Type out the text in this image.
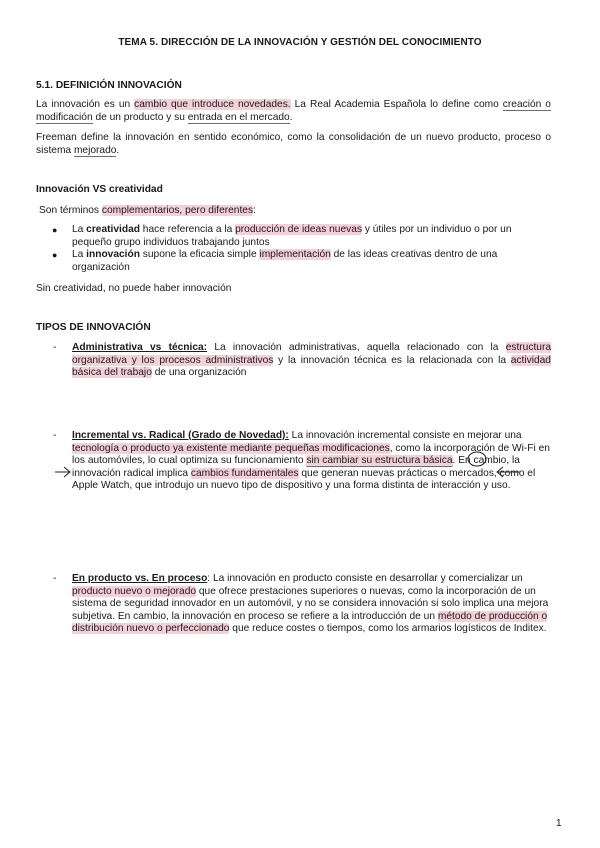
TEMA 5. DIRECCIÓN DE LA INNOVACIÓN Y GESTIÓN DEL CONOCIMIENTO
5.1. DEFINICIÓN INNOVACIÓN
La innovación es un cambio que introduce novedades. La Real Academia Española lo define como creación o modificación de un producto y su entrada en el mercado.
Freeman define la innovación en sentido económico, como la consolidación de un nuevo producto, proceso o sistema mejorado.
Innovación VS creatividad
Son términos complementarios, pero diferentes:
● La creatividad hace referencia a la producción de ideas nuevas y útiles por un individuo o por un pequeño grupo individuos trabajando juntos
● La innovación supone la eficacia simple implementación de las ideas creativas dentro de una organización
Sin creatividad, no puede haber innovación
TIPOS DE INNOVACIÓN
- Administrativa vs técnica: La innovación administrativas, aquella relacionado con la estructura organizativa y los procesos administrativos y la innovación técnica es la relacionada con la actividad básica del trabajo de una organización
- Incremental vs. Radical (Grado de Novedad): La innovación incremental consiste en mejorar una tecnología o producto ya existente mediante pequeñas modificaciones, como la incorporación de Wi-Fi en los automóviles, lo cual optimiza su funcionamiento sin cambiar su estructura básica. En cambio, la innovación radical implica cambios fundamentales que generan nuevas prácticas o mercados, como el Apple Watch, que introdujo un nuevo tipo de dispositivo y una forma distinta de interacción y uso.
- En producto vs. En proceso: La innovación en producto consiste en desarrollar y comercializar un producto nuevo o mejorado que ofrece prestaciones superiores o nuevas, como la incorporación de un sistema de seguridad innovador en un automóvil, y no se considera innovación si solo implica una mejora subjetiva. En cambio, la innovación en proceso se refiere a la introducción de un método de producción o distribución nuevo o perfeccionado que reduce costes o tiempos, como los armarios logísticos de Inditex.
1
